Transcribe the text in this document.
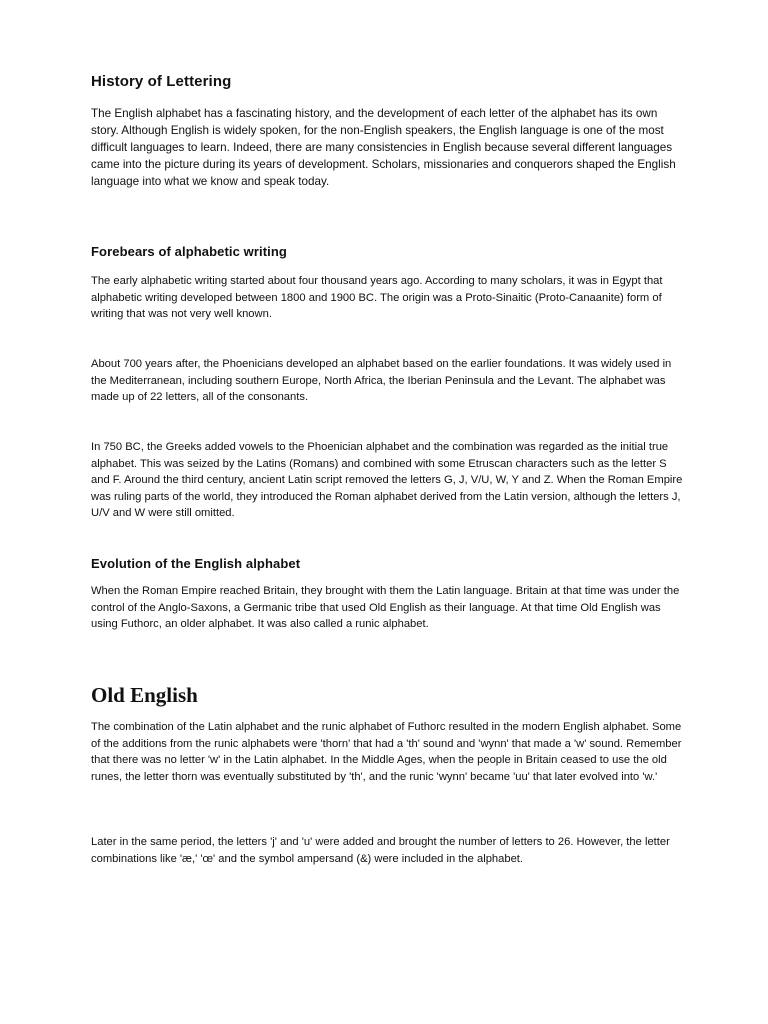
History of Lettering

The English alphabet has a fascinating history, and the development of each letter of the alphabet has its own story. Although English is widely spoken, for the non-English speakers, the English language is one of the most difficult languages to learn. Indeed, there are many consistencies in English because several different languages came into the picture during its years of development. Scholars, missionaries and conquerors shaped the English language into what we know and speak today.

Forebears of alphabetic writing

The early alphabetic writing started about four thousand years ago. According to many scholars, it was in Egypt that alphabetic writing developed between 1800 and 1900 BC. The origin was a Proto-Sinaitic (Proto-Canaanite) form of writing that was not very well known.

About 700 years after, the Phoenicians developed an alphabet based on the earlier foundations. It was widely used in the Mediterranean, including southern Europe, North Africa, the Iberian Peninsula and the Levant. The alphabet was made up of 22 letters, all of the consonants.

In 750 BC, the Greeks added vowels to the Phoenician alphabet and the combination was regarded as the initial true alphabet. This was seized by the Latins (Romans) and combined with some Etruscan characters such as the letter S and F. Around the third century, ancient Latin script removed the letters G, J, V/U, W, Y and Z. When the Roman Empire was ruling parts of the world, they introduced the Roman alphabet derived from the Latin version, although the letters J, U/V and W were still omitted.

Evolution of the English alphabet

When the Roman Empire reached Britain, they brought with them the Latin language. Britain at that time was under the control of the Anglo-Saxons, a Germanic tribe that used Old English as their language. At that time Old English was using Futhorc, an older alphabet. It was also called a runic alphabet.

Old English

The combination of the Latin alphabet and the runic alphabet of Futhorc resulted in the modern English alphabet. Some of the additions from the runic alphabets were 'thorn' that had a 'th' sound and 'wynn' that made a 'w' sound. Remember that there was no letter 'w' in the Latin alphabet. In the Middle Ages, when the people in Britain ceased to use the old runes, the letter thorn was eventually substituted by 'th', and the runic 'wynn' became 'uu' that later evolved into 'w.'

Later in the same period, the letters 'j' and 'u' were added and brought the number of letters to 26. However, the letter combinations like 'æ,' 'œ' and the symbol ampersand (&) were included in the alphabet.
